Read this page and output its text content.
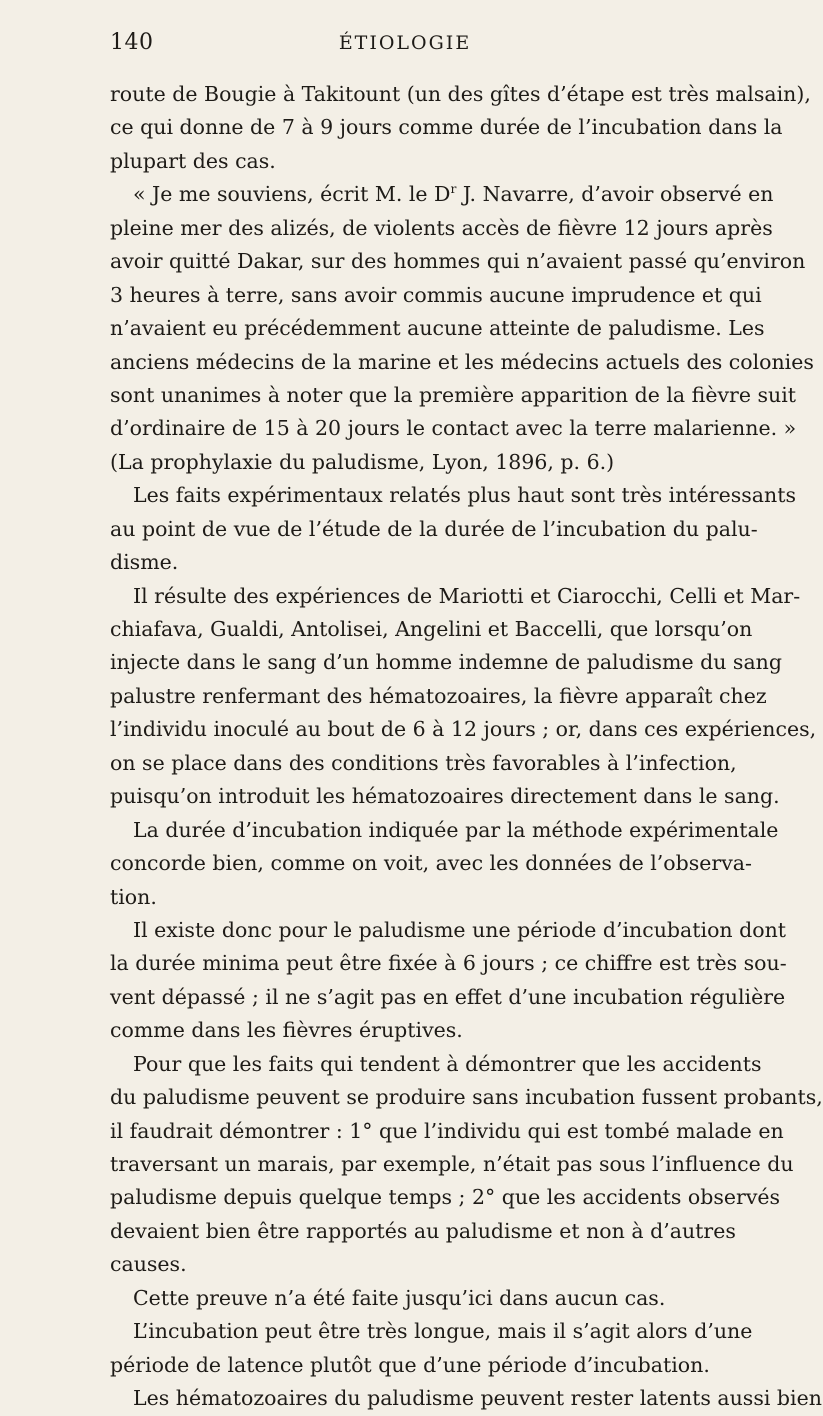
140	ÉTIOLOGIE
route de Bougie à Takitount (un des gîtes d’étape est très malsain),
ce qui donne de 7 à 9 jours comme durée de l’incubation dans la
plupart des cas.
« Je me souviens, écrit M. le $D^r$ J. Navarre, d’avoir observé en
pleine mer des alizés, de violents accès de fièvre 12 jours après
avoir quitté Dakar, sur des hommes qui n’avaient passé qu’environ
3 heures à terre, sans avoir commis aucune imprudence et qui
n’avaient eu précédemment aucune atteinte de paludisme. Les
anciens médecins de la marine et les médecins actuels des colonies
sont unanimes à noter que la première apparition de la fièvre suit
d’ordinaire de 15 à 20 jours le contact avec la terre malarienne. »
(La prophylaxie du paludisme, Lyon, 1896, p. 6.)
Les faits expérimentaux relatés plus haut sont très intéressants
au point de vue de l’étude de la durée de l’incubation du palu-
disme.
Il résulte des expériences de Mariotti et Ciarocchi, Celli et Mar-
chiafava, Gualdi, Antolisei, Angelini et Baccelli, que lorsqu’on
injecte dans le sang d’un homme indemne de paludisme du sang
palustre renfermant des hématozoaires, la fièvre apparaît chez
l’individu inoculé au bout de 6 à 12 jours ; or, dans ces expériences,
on se place dans des conditions très favorables à l’infection,
puisqu’on introduit les hématozoaires directement dans le sang.
La durée d’incubation indiquée par la méthode expérimentale
concorde bien, comme on voit, avec les données de l’observa-
tion.
Il existe donc pour le paludisme une période d’incubation dont
la durée minima peut être fixée à 6 jours ; ce chiffre est très sou-
vent dépassé ; il ne s’agit pas en effet d’une incubation régulière
comme dans les fièvres éruptives.
Pour que les faits qui tendent à démontrer que les accidents
du paludisme peuvent se produire sans incubation fussent probants,
il faudrait démontrer : 1° que l’individu qui est tombé malade en
traversant un marais, par exemple, n’était pas sous l’influence du
paludisme depuis quelque temps ; 2° que les accidents observés
devaient bien être rapportés au paludisme et non à d’autres
causes.
Cette preuve n’a été faite jusqu’ici dans aucun cas.
L’incubation peut être très longue, mais il s’agit alors d’une
période de latence plutôt que d’une période d’incubation.
Les hématozoaires du paludisme peuvent rester latents aussi bien
